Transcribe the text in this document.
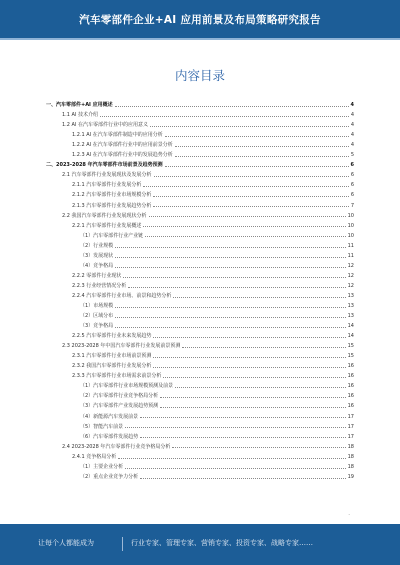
汽车零部件企业+AI 应用前景及布局策略研究报告
内容目录
一、汽车零部件+AI 应用概述	4
1.1 AI 技术介绍	4
1.2 AI 在汽车零部件行业中的应用意义	4
1.2.1 AI 在汽车零部件制造中的应用分析	4
1.2.2 AI 在汽车零部件行业中的应用前景分析	4
1.2.3 AI 在汽车零部件行业中的发展趋势分析	5
二、2023-2028 年汽车零部件市场前景及趋势预测	6
2.1 汽车零部件行业发展现状及发展分析	6
2.1.1 汽车零部件行业发展分析	6
2.1.2 汽车零部件行业市场规模分析	6
2.1.3 汽车零部件行业发展趋势分析	7
2.2 我国汽车零部件行业发展现状分析	10
2.2.1 汽车零部件行业发展概述	10
（1）汽车零部件行业产业链	10
（2）行业规模	11
（3）发展现状	11
（4）竞争格局	12
2.2.2 零部件行业现状	12
2.2.3 行业经营情况分析	12
2.2.4 汽车零部件行业市场、前景和趋势分析	13
（1）市场规模	13
（2）区域分布	13
（3）竞争格局	14
2.2.5 汽车零部件行业未来发展趋势	14
2.3 2023-2028 年中国汽车零部件行业发展前景预测	15
2.3.1 汽车零部件行业市场前景预测	15
2.3.2 我国汽车零部件行业发展分析	16
2.3.3 汽车零部件行业市场需求前景分析	16
（1）汽车零部件行业市场规模预测及前景	16
（2）汽车零部件行业竞争格局分析	16
（3）汽车零部件产业发展趋势预测	16
（4）新能源汽车发展前景	17
（5）智能汽车前景	17
（6）汽车零部件发展趋势	17
2.4 2023-2028 年汽车零部件行业竞争格局分析	18
2.4.1 竞争格局分析	18
（1）主要企业分析	18
（2）重点企业竞争力分析	19
-
让每个人都能成为	行业专家、管理专家、营销专家、投资专家、战略专家……
